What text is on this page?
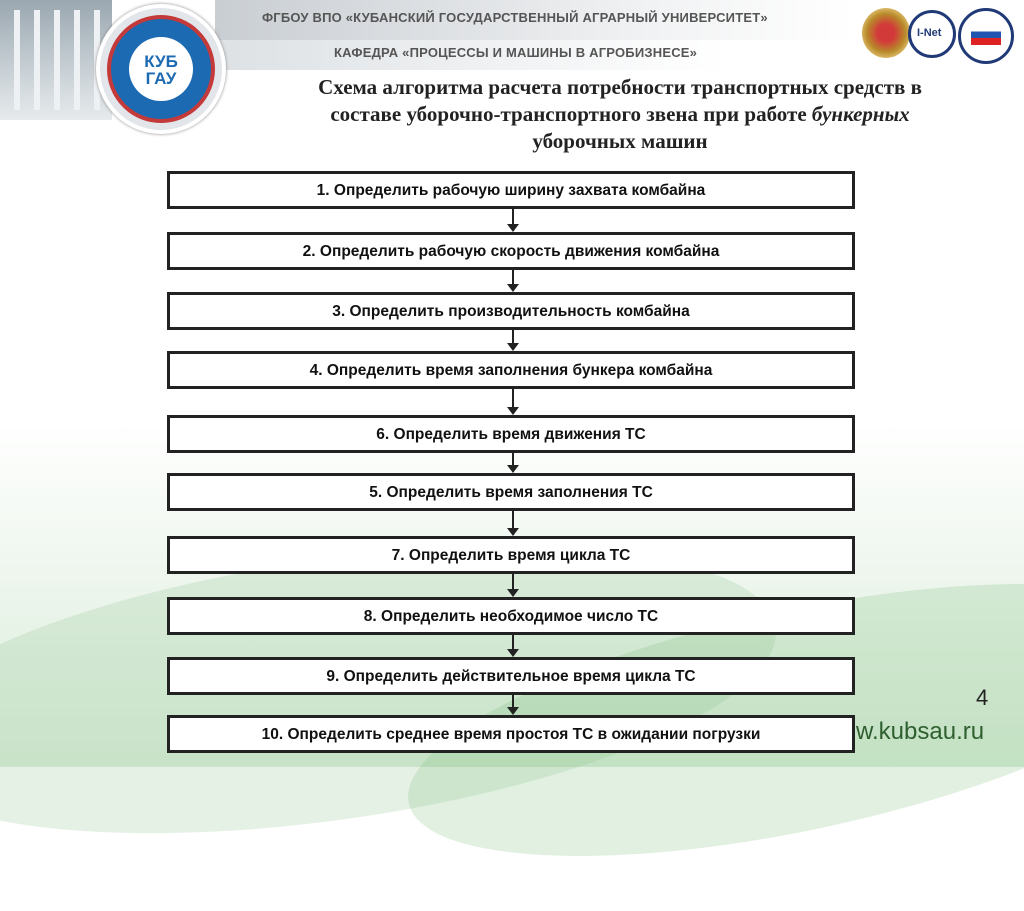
ФГБОУ ВПО «КУБАНСКИЙ ГОСУДАРСТВЕННЫЙ АГРАРНЫЙ УНИВЕРСИТЕТ»
КАФЕДРА «ПРОЦЕССЫ И МАШИНЫ В АГРОБИЗНЕСЕ»
КУБ ГАУ
I-Net
Схема алгоритма расчета потребности транспортных средств в
составе уборочно-транспортного звена при работе бункерных
уборочных машин
1. Определить рабочую ширину захвата комбайна
2. Определить рабочую скорость движения комбайна
3. Определить производительность комбайна
4. Определить время заполнения бункера комбайна
6. Определить время движения ТС
5. Определить время заполнения ТС
7. Определить время цикла ТС
8. Определить необходимое число ТС
9. Определить действительное время цикла ТС
10. Определить среднее время простоя ТС в ожидании погрузки
4
w.kubsau.ru
